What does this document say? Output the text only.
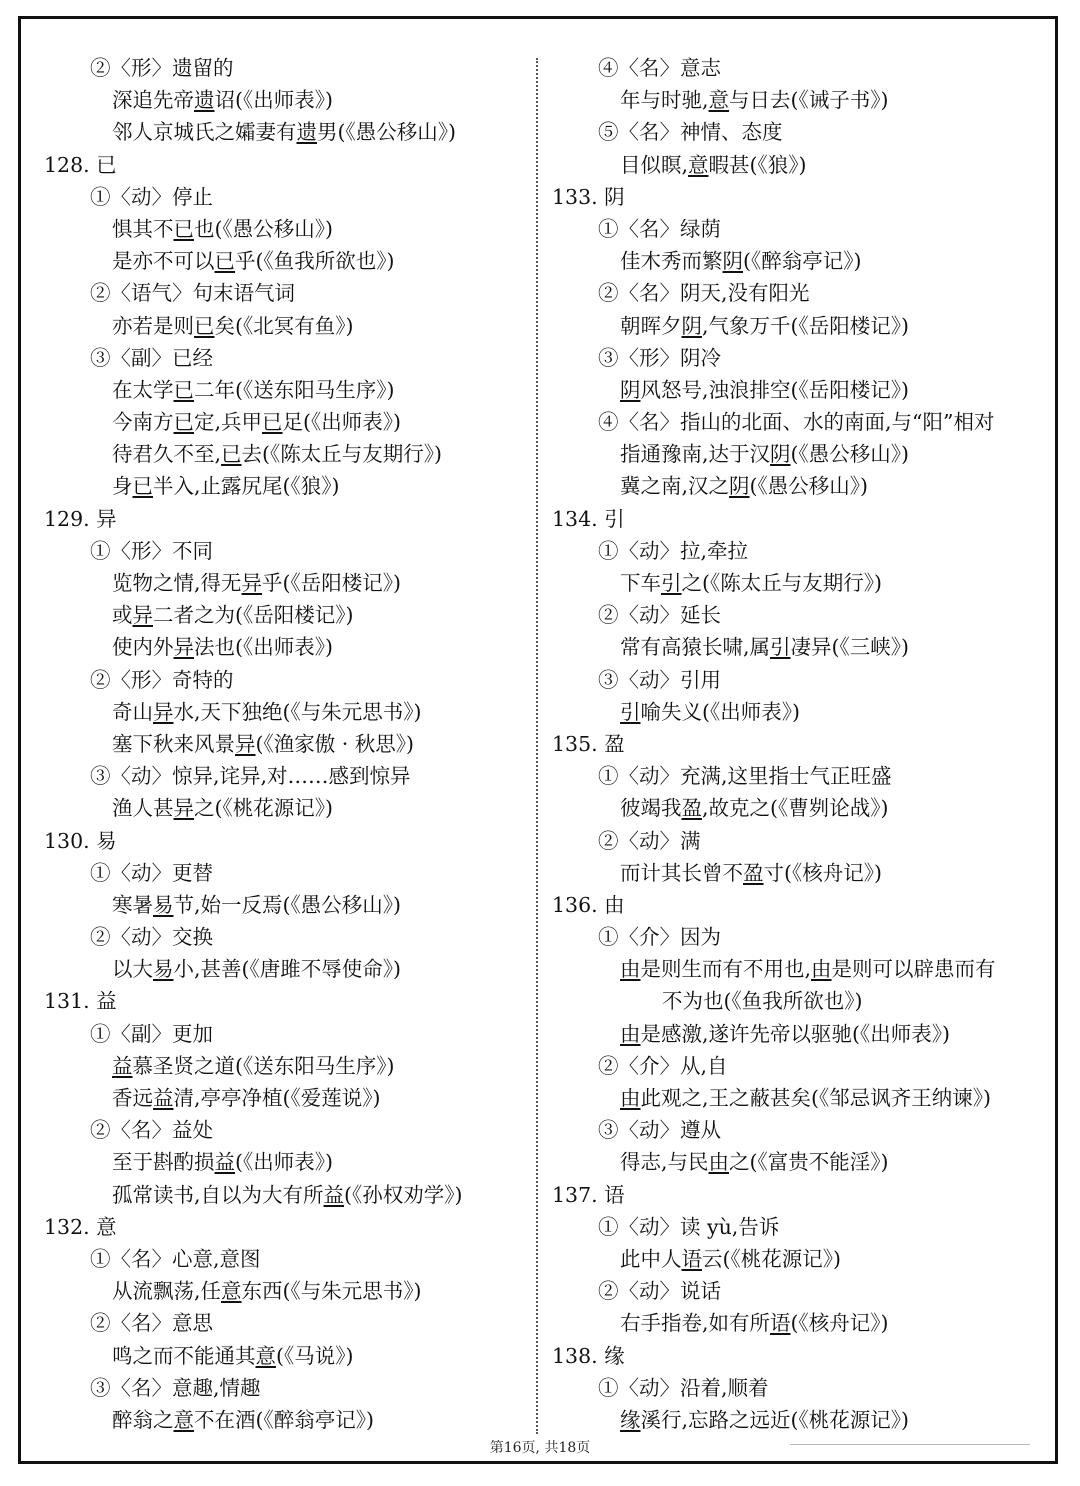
②〈形〉遗留的
深追先帝遗诏(《出师表》)
邻人京城氏之孀妻有遗男(《愚公移山》)
128. 已
①〈动〉停止
惧其不已也(《愚公移山》)
是亦不可以已乎(《鱼我所欲也》)
②〈语气〉句末语气词
亦若是则已矣(《北冥有鱼》)
③〈副〉已经
在太学已二年(《送东阳马生序》)
今南方已定,兵甲已足(《出师表》)
待君久不至,已去(《陈太丘与友期行》)
身已半入,止露尻尾(《狼》)
129. 异
①〈形〉不同
览物之情,得无异乎(《岳阳楼记》)
或异二者之为(《岳阳楼记》)
使内外异法也(《出师表》)
②〈形〉奇特的
奇山异水,天下独绝(《与朱元思书》)
塞下秋来风景异(《渔家傲 · 秋思》)
③〈动〉惊异,诧异,对……感到惊异
渔人甚异之(《桃花源记》)
130. 易
①〈动〉更替
寒暑易节,始一反焉(《愚公移山》)
②〈动〉交换
以大易小,甚善(《唐雎不辱使命》)
131. 益
①〈副〉更加
益慕圣贤之道(《送东阳马生序》)
香远益清,亭亭净植(《爱莲说》)
②〈名〉益处
至于斟酌损益(《出师表》)
孤常读书,自以为大有所益(《孙权劝学》)
132. 意
①〈名〉心意,意图
从流飘荡,任意东西(《与朱元思书》)
②〈名〉意思
鸣之而不能通其意(《马说》)
③〈名〉意趣,情趣
醉翁之意不在酒(《醉翁亭记》)
④〈名〉意志
年与时驰,意与日去(《诫子书》)
⑤〈名〉神情、态度
目似瞑,意暇甚(《狼》)
133. 阴
①〈名〉绿荫
佳木秀而繁阴(《醉翁亭记》)
②〈名〉阴天,没有阳光
朝晖夕阴,气象万千(《岳阳楼记》)
③〈形〉阴冷
阴风怒号,浊浪排空(《岳阳楼记》)
④〈名〉指山的北面、水的南面,与“阳”相对
指通豫南,达于汉阴(《愚公移山》)
冀之南,汉之阴(《愚公移山》)
134. 引
①〈动〉拉,牵拉
下车引之(《陈太丘与友期行》)
②〈动〉延长
常有高猿长啸,属引凄异(《三峡》)
③〈动〉引用
引喻失义(《出师表》)
135. 盈
①〈动〉充满,这里指士气正旺盛
彼竭我盈,故克之(《曹刿论战》)
②〈动〉满
而计其长曾不盈寸(《核舟记》)
136. 由
①〈介〉因为
由是则生而有不用也,由是则可以辟患而有
不为也(《鱼我所欲也》)
由是感激,遂许先帝以驱驰(《出师表》)
②〈介〉从,自
由此观之,王之蔽甚矣(《邹忌讽齐王纳谏》)
③〈动〉遵从
得志,与民由之(《富贵不能淫》)
137. 语
①〈动〉读 yù,告诉
此中人语云(《桃花源记》)
②〈动〉说话
右手指卷,如有所语(《核舟记》)
138. 缘
①〈动〉沿着,顺着
缘溪行,忘路之远近(《桃花源记》)
第16页, 共18页
